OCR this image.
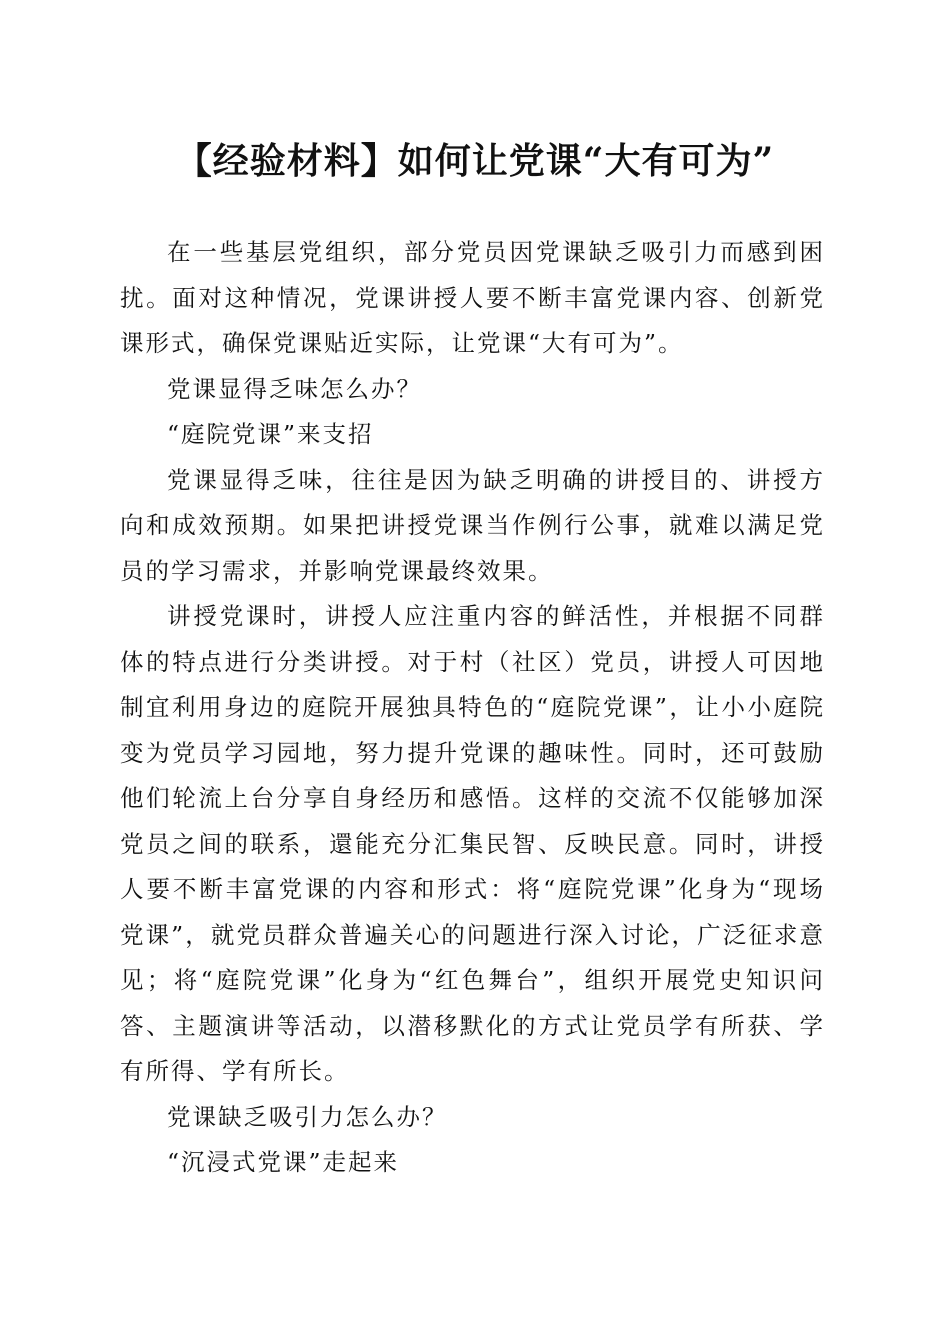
【经验材料】如何让党课“大有可为”

在一些基层党组织，部分党员因党课缺乏吸引力而感到困扰。面对这种情况，党课讲授人要不断丰富党课内容、创新党课形式，确保党课贴近实际，让党课“大有可为”。

党课显得乏味怎么办？

“庭院党课”来支招

党课显得乏味，往往是因为缺乏明确的讲授目的、讲授方向和成效预期。如果把讲授党课当作例行公事，就难以满足党员的学习需求，并影响党课最终效果。

讲授党课时，讲授人应注重内容的鲜活性，并根据不同群体的特点进行分类讲授。对于村（社区）党员，讲授人可因地制宜利用身边的庭院开展独具特色的“庭院党课”，让小小庭院变为党员学习园地，努力提升党课的趣味性。同时，还可鼓励他们轮流上台分享自身经历和感悟。这样的交流不仅能够加深党员之间的联系，還能充分汇集民智、反映民意。同时，讲授人要不断丰富党课的内容和形式：将“庭院党课”化身为“现场党课”，就党员群众普遍关心的问题进行深入讨论，广泛征求意见；将“庭院党课”化身为“红色舞台”，组织开展党史知识问答、主题演讲等活动，以潜移默化的方式让党员学有所获、学有所得、学有所长。

党课缺乏吸引力怎么办？

“沉浸式党课”走起来
